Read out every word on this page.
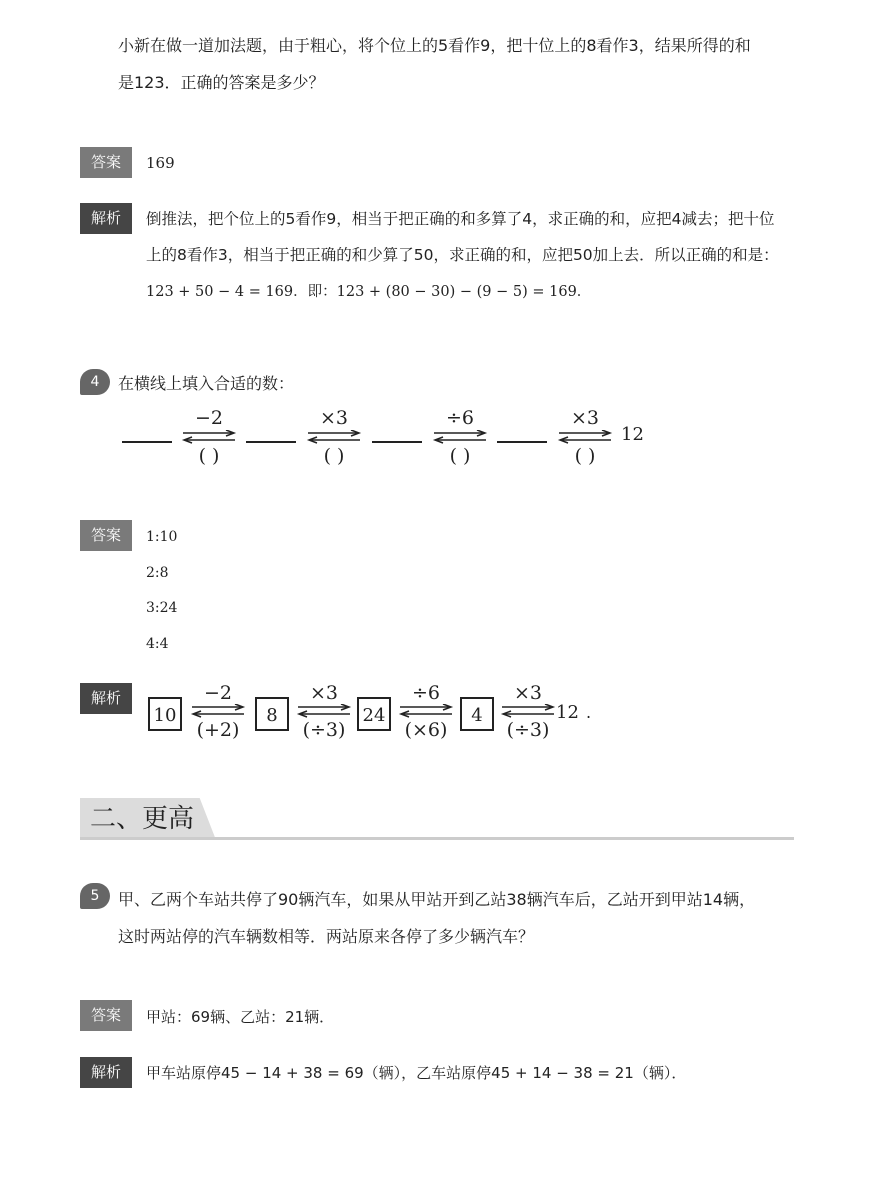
小新在做一道加法题，由于粗心，将个位上的5看作9，把十位上的8看作3，结果所得的和
是123．正确的答案是多少？
答案	169
解析	倒推法，把个位上的5看作9，相当于把正确的和多算了4，求正确的和，应把4减去；把十位
上的8看作3，相当于把正确的和少算了50，求正确的和，应把50加上去．所以正确的和是：
123 + 50 − 4 = 169．即：123 + (80 − 30) − (9 − 5) = 169．
4	在横线上填入合适的数：
−2
( )
×3
( )
÷6
( )
×3
( )
12
答案	1:10
2:8
3:24
4:4
解析
10
−2
(+2)
8
×3
(÷3)
24
÷6
(×6)
4
×3
(÷3)
12 .
二、更高
5	甲、乙两个车站共停了90辆汽车，如果从甲站开到乙站38辆汽车后，乙站开到甲站14辆，
这时两站停的汽车辆数相等．两站原来各停了多少辆汽车？
答案	甲站：69辆、乙站：21辆．
解析	甲车站原停45 − 14 + 38 = 69（辆），乙车站原停45 + 14 − 38 = 21（辆）．
